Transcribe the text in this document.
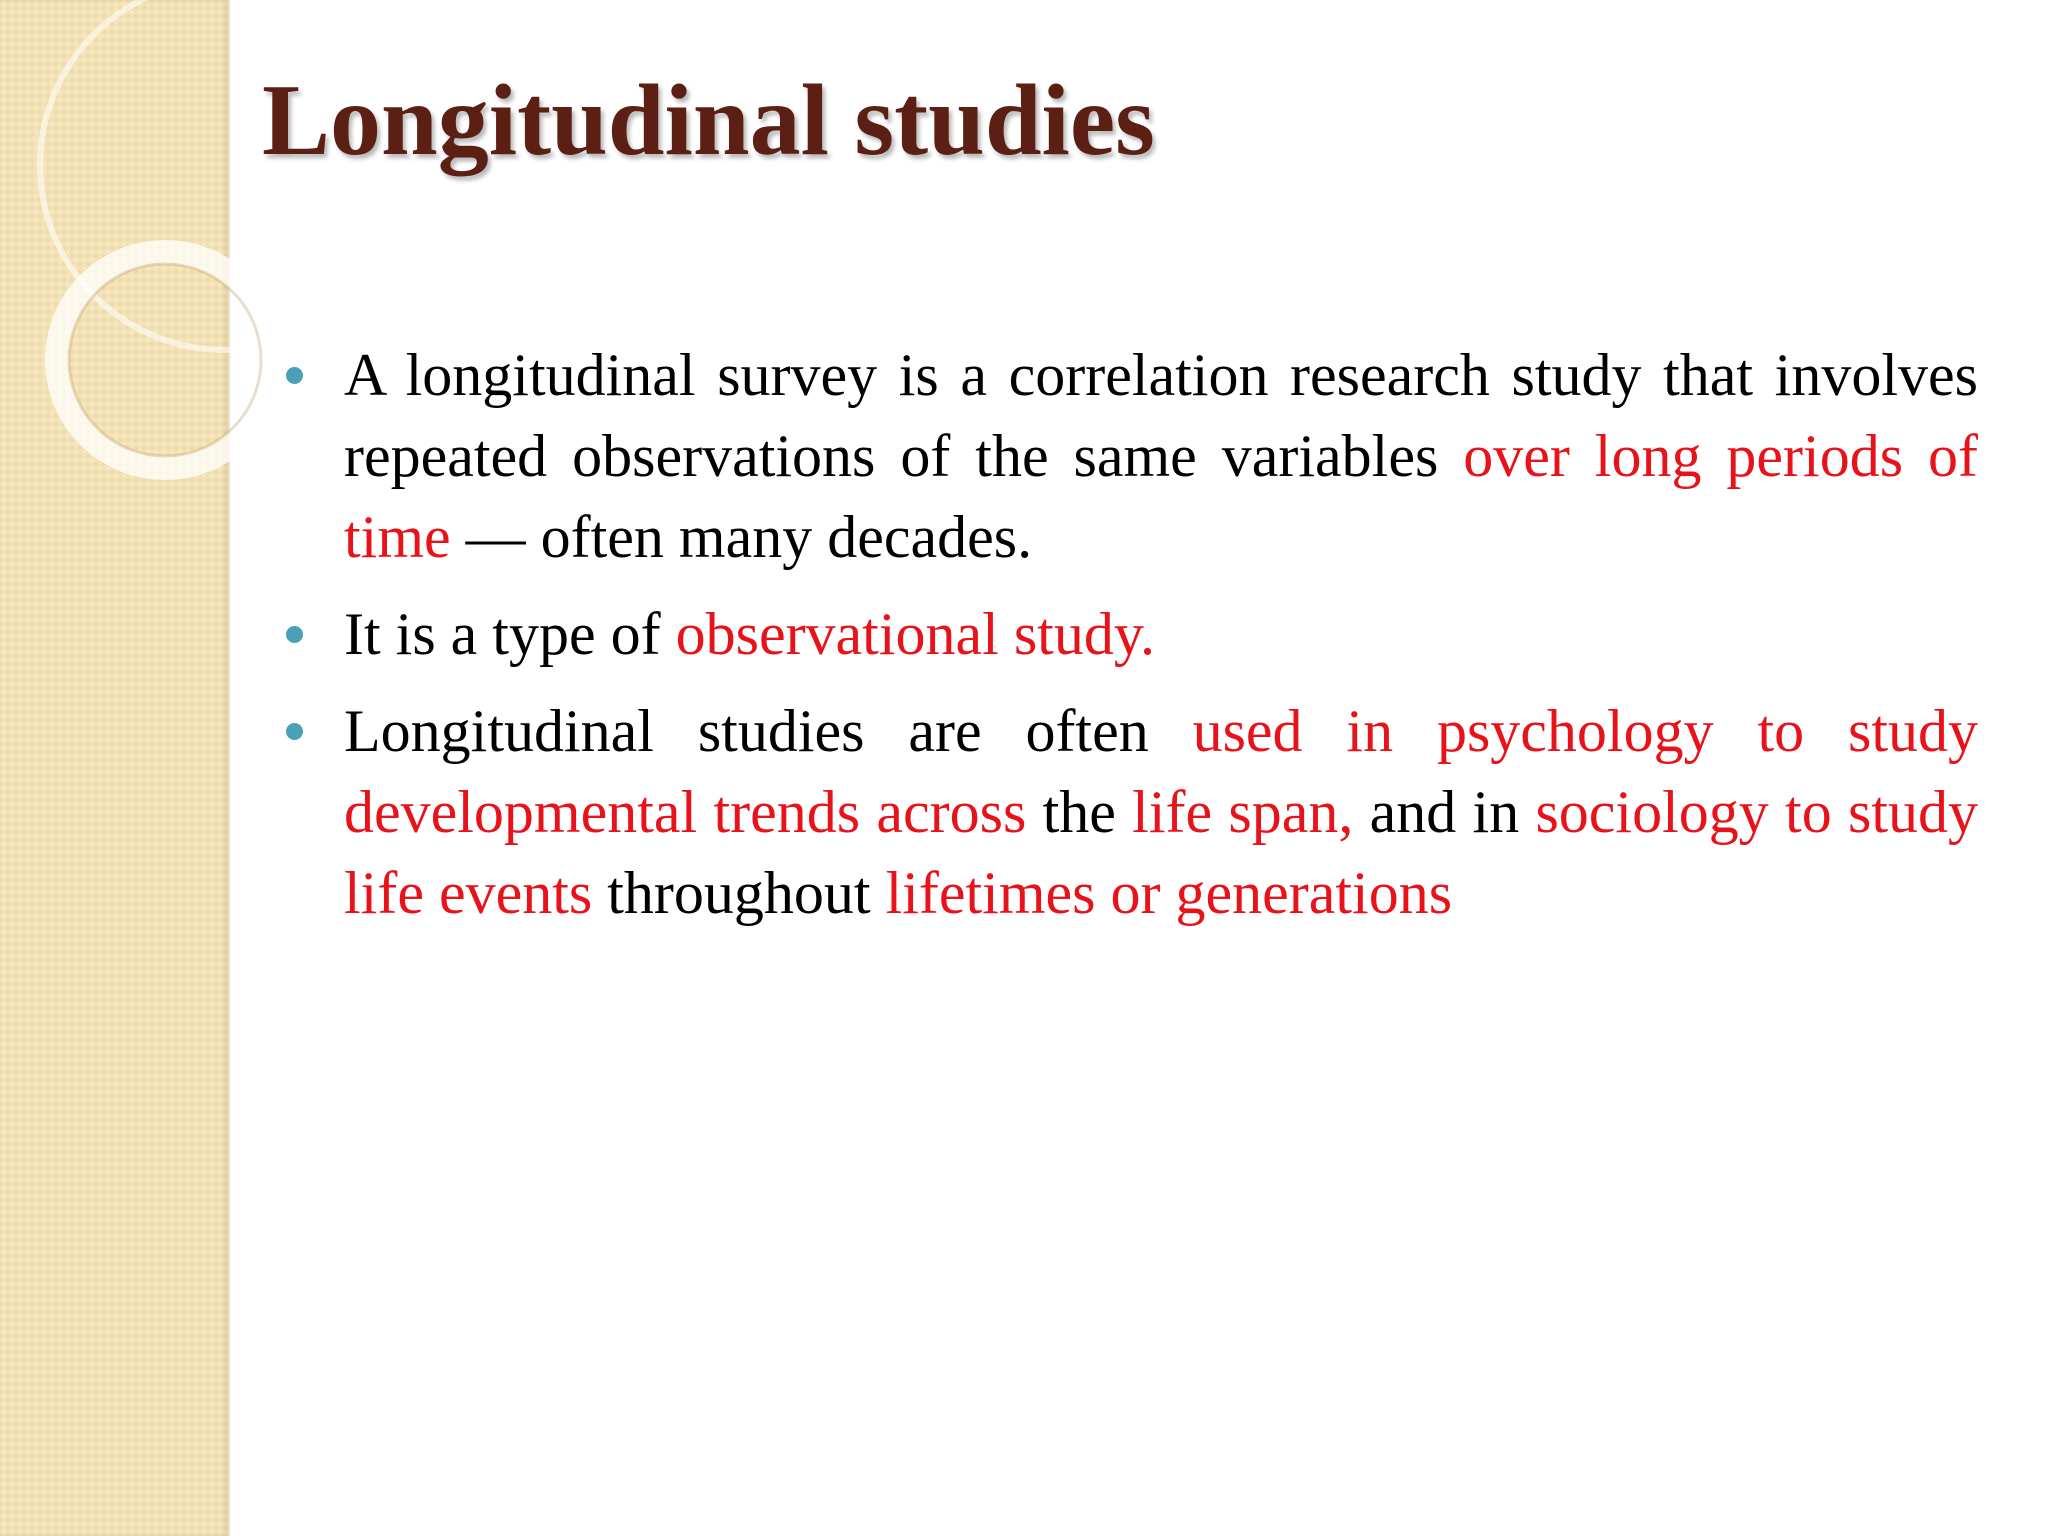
Longitudinal studies
A longitudinal survey is a correlation research study that involves repeated observations of the same variables over long periods of time — often many decades.
It is a type of observational study.
Longitudinal studies are often used in psychology to study developmental trends across the life span, and in sociology to study life events throughout lifetimes or generations
